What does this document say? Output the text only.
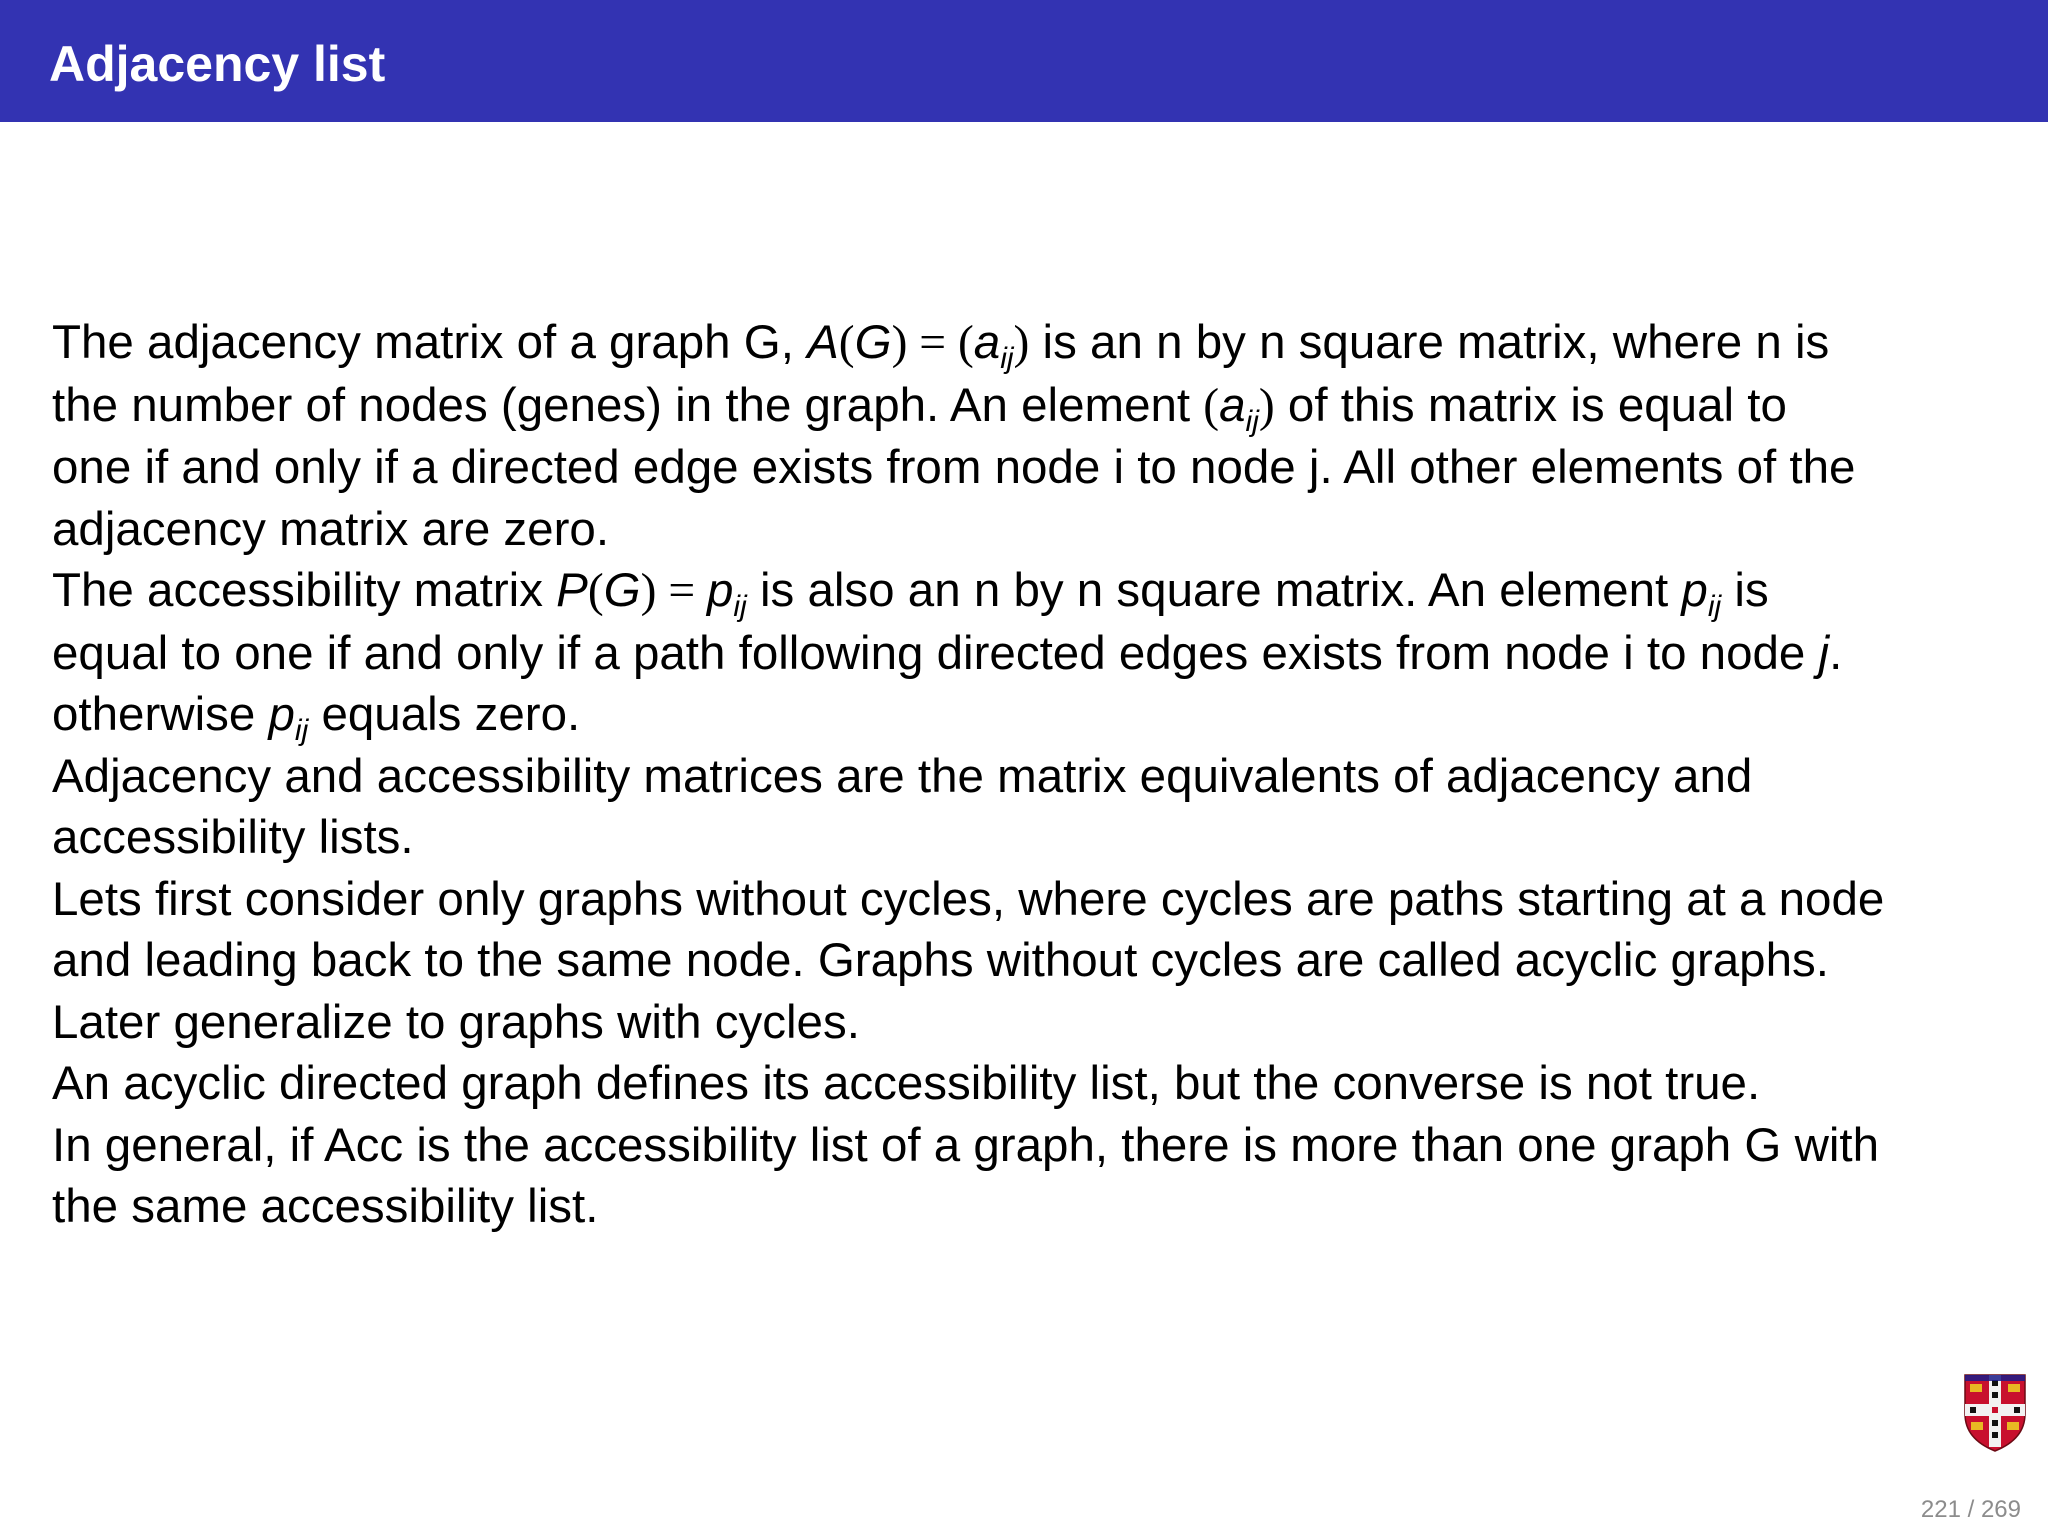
Adjacency list

The adjacency matrix of a graph G, $A(G) = (a_{ij})$ is an n by n square matrix, where n is

the number of nodes (genes) in the graph. An element $(a_{ij})$ of this matrix is equal to

one if and only if a directed edge exists from node i to node j. All other elements of the

adjacency matrix are zero.

The accessibility matrix $P(G) = p_{ij}$ is also an n by n square matrix. An element $p_{ij}$ is

equal to one if and only if a path following directed edges exists from node i to node j.

otherwise $p_{ij}$ equals zero.

Adjacency and accessibility matrices are the matrix equivalents of adjacency and

accessibility lists.

Lets first consider only graphs without cycles, where cycles are paths starting at a node

and leading back to the same node. Graphs without cycles are called acyclic graphs.

Later generalize to graphs with cycles.

An acyclic directed graph defines its accessibility list, but the converse is not true.

In general, if Acc is the accessibility list of a graph, there is more than one graph G with

the same accessibility list.

221 / 269
